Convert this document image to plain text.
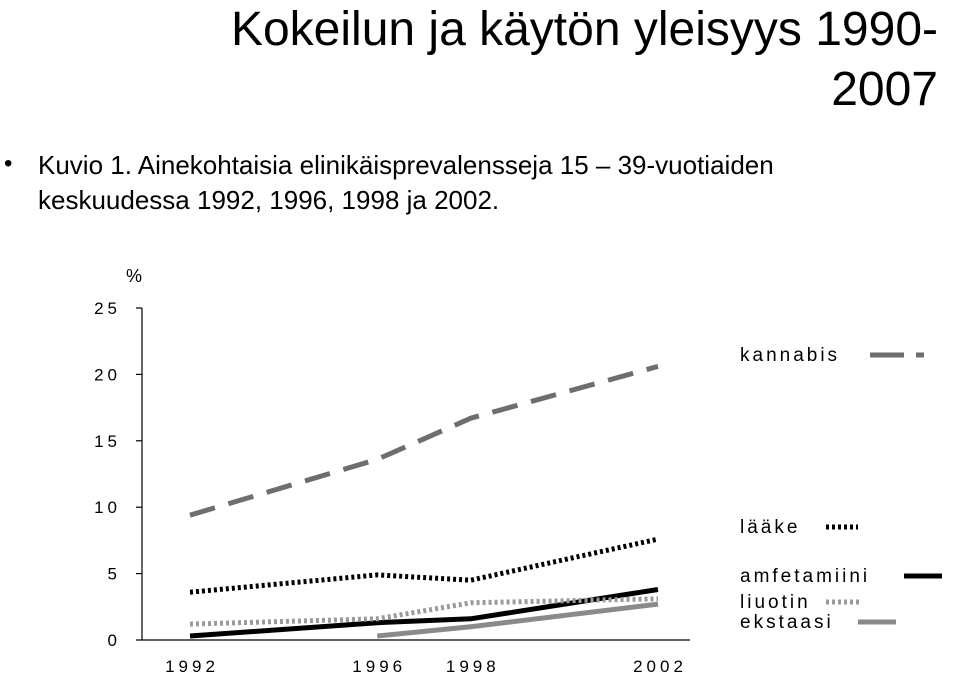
Kokeilun ja käytön yleisyys 1990-
2007
• Kuvio 1. Ainekohtaisia elinikäisprevalensseja 15 – 39-vuotiaiden
keskuudessa 1992, 1996, 1998 ja 2002.
%
0
5
10
15
20
25
1992	1996 1998	2002
kannabis
lääke
amfetamiini
liuotin
ekstaasi
